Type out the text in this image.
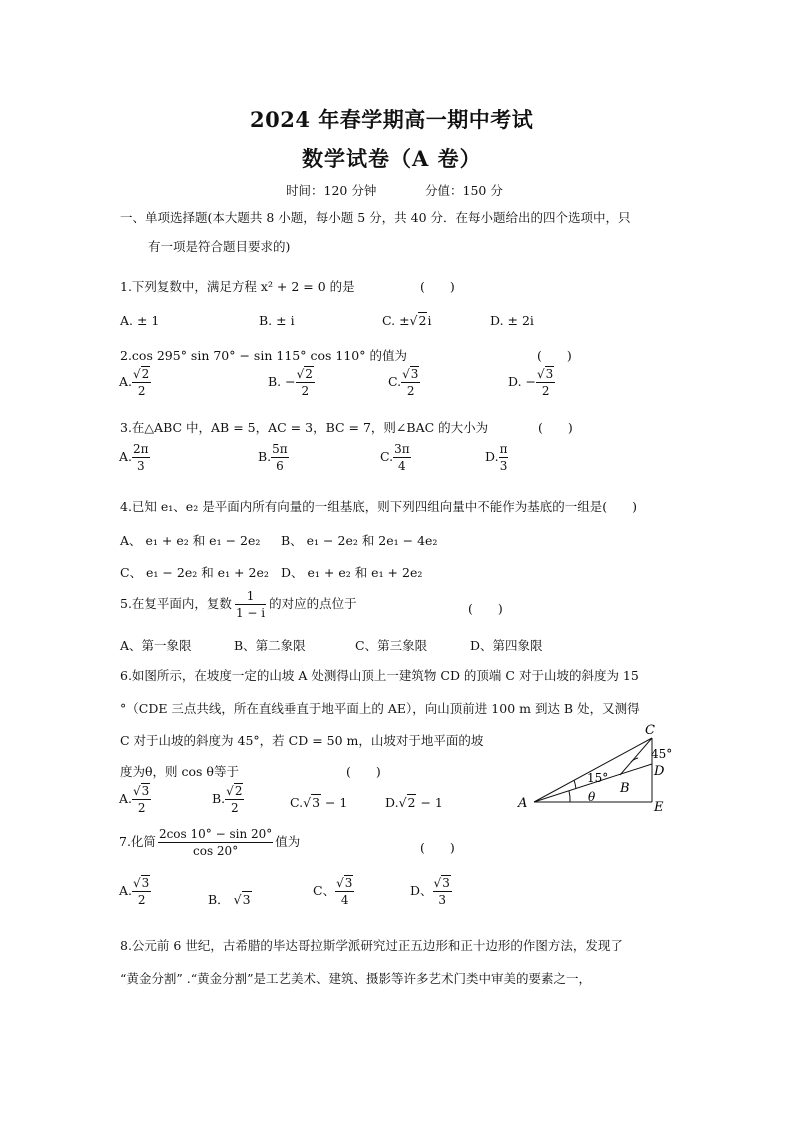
2024 年春学期高一期中考试
数学试卷（A 卷）
时间：120 分钟	分值：150 分
一、单项选择题(本大题共 8 小题，每小题 5 分，共 40 分．在每小题给出的四个选项中，只
有一项是符合题目要求的)
1.下列复数中，满足方程 x² + 2 = 0 的是	(　　)
A. ± 1	B. ± i	C. ±√2i	D. ± 2i
2.cos 295° sin 70° − sin 115° cos 110° 的值为	(　　)
A. $\frac{√2}{2}$	B. − $\frac{√2}{2}$	C. $\frac{√3}{2}$	D. − $\frac{√3}{2}$
3.在△ABC 中，AB = 5，AC = 3，BC = 7，则∠BAC 的大小为	(　　)
A. $\frac{2\pi}{3}$	B. $\frac{5\pi}{6}$	C. $\frac{3\pi}{4}$	D. $\frac{\pi}{3}$
4.已知 e₁、e₂ 是平面内所有向量的一组基底，则下列四组向量中不能作为基底的一组是(　　)
A、 e₁ + e₂ 和 e₁ − 2e₂ B、 e₁ − 2e₂ 和 2e₁ − 4e₂
C、 e₁ − 2e₂ 和 e₁ + 2e₂ D、 e₁ + e₂ 和 e₁ + 2e₂
5.在复平面内，复数 $\frac{1}{1 - i}$ 的对应的点位于	(　　)
A、第一象限	B、第二象限	C、第三象限	D、第四象限
6.如图所示，在坡度一定的山坡 A 处测得山顶上一建筑物 CD 的顶端 C 对于山坡的斜度为 15
°（CDE 三点共线，所在直线垂直于地平面上的 AE），向山顶前进 100 m 到达 B 处，又测得
C 对于山坡的斜度为 45°，若 CD = 50 m，山坡对于地平面的坡
度为θ，则 cos θ等于	(　　)
A. $\frac{√3}{2}$	B. $\frac{√2}{2}$	C.√3 − 1	D.√2 − 1	A
B
C
D
E
15°
45°
θ
7.化简 $\frac{2\cos 10^\circ - \sin 20^\circ}{\cos 20^\circ}$ 值为	(　　)
A. $\frac{√3}{2}$	B． √3
C、 $\frac{√3}{4}$	D、 $\frac{√3}{3}$
8.公元前 6 世纪，古希腊的毕达哥拉斯学派研究过正五边形和正十边形的作图方法，发现了
“黄金分割” .“黄金分割”是工艺美术、建筑、摄影等许多艺术门类中审美的要素之一，
